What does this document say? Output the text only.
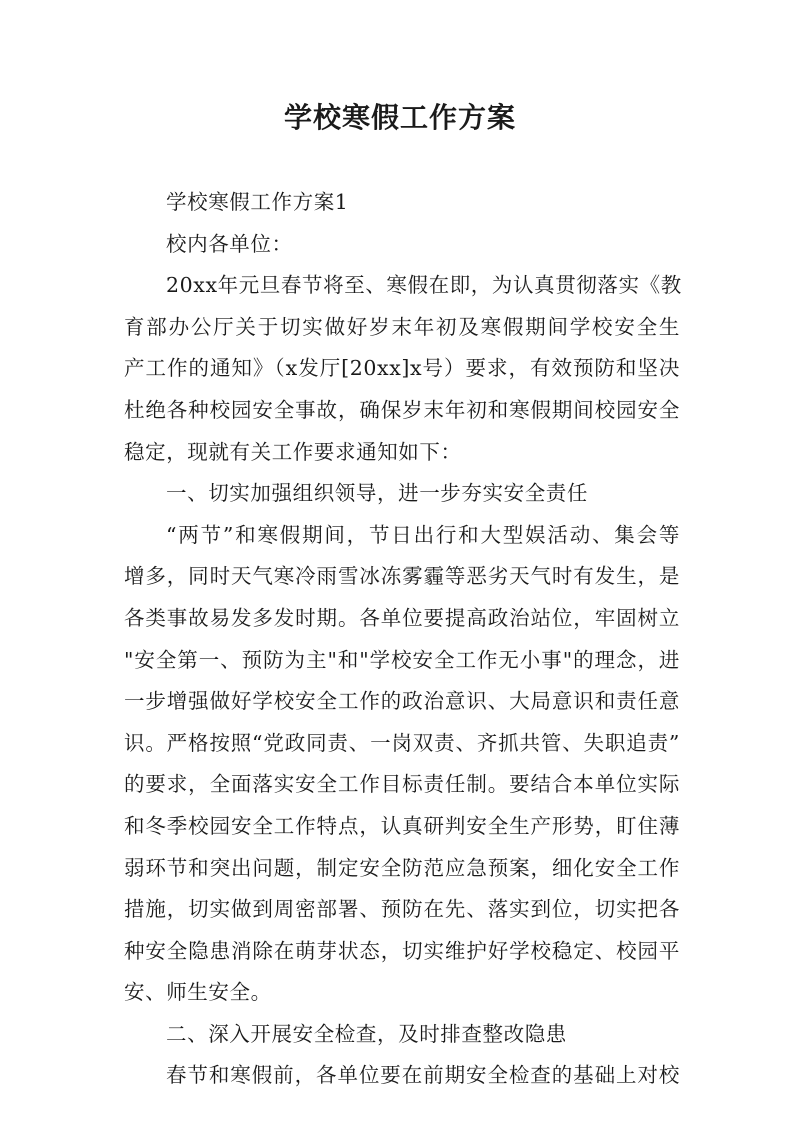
学校寒假工作方案
学校寒假工作方案1
校内各单位：
20xx年元旦春节将至、寒假在即，为认真贯彻落实《教
育部办公厅关于切实做好岁末年初及寒假期间学校安全生
产工作的通知》（x发厅[20xx]x号）要求，有效预防和坚决
杜绝各种校园安全事故，确保岁末年初和寒假期间校园安全
稳定，现就有关工作要求通知如下：
一、切实加强组织领导，进一步夯实安全责任
“两节”和寒假期间，节日出行和大型娱活动、集会等
增多，同时天气寒冷雨雪冰冻雾霾等恶劣天气时有发生，是
各类事故易发多发时期。各单位要提高政治站位，牢固树立
"安全第一、预防为主"和"学校安全工作无小事"的理念，进
一步增强做好学校安全工作的政治意识、大局意识和责任意
识。严格按照“党政同责、一岗双责、齐抓共管、失职追责”
的要求，全面落实安全工作目标责任制。要结合本单位实际
和冬季校园安全工作特点，认真研判安全生产形势，盯住薄
弱环节和突出问题，制定安全防范应急预案，细化安全工作
措施，切实做到周密部署、预防在先、落实到位，切实把各
种安全隐患消除在萌芽状态，切实维护好学校稳定、校园平
安、师生安全。
二、深入开展安全检查，及时排查整改隐患
春节和寒假前，各单位要在前期安全检查的基础上对校
